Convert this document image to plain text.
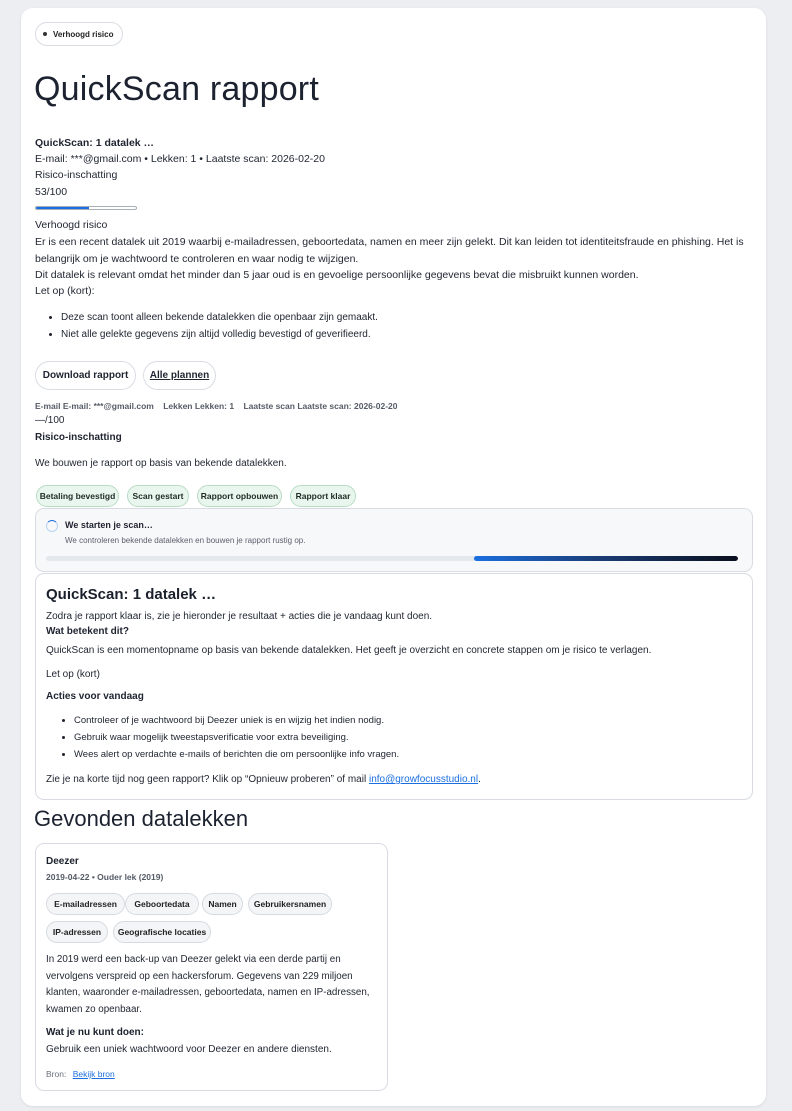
Verhoogd risico
QuickScan rapport
QuickScan: 1 datalek …
E-mail: ***@gmail.com • Lekken: 1 • Laatste scan: 2026-02-20
Risico-inschatting
53/100
Verhoogd risico
Er is een recent datalek uit 2019 waarbij e-mailadressen, geboortedata, namen en meer zijn gelekt. Dit kan leiden tot identiteitsfraude en phishing. Het is belangrijk om je wachtwoord te controleren en waar nodig te wijzigen.
Dit datalek is relevant omdat het minder dan 5 jaar oud is en gevoelige persoonlijke gegevens bevat die misbruikt kunnen worden.
Let op (kort):
• Deze scan toont alleen bekende datalekken die openbaar zijn gemaakt.
• Niet alle gelekte gegevens zijn altijd volledig bevestigd of geverifieerd.
Download rapport	Alle plannen
E-mail E-mail: ***@gmail.com Lekken Lekken: 1 Laatste scan Laatste scan: 2026-02-20
—/100
Risico-inschatting
We bouwen je rapport op basis van bekende datalekken.
Betaling bevestigd	Scan gestart	Rapport opbouwen	Rapport klaar
We starten je scan…
We controleren bekende datalekken en bouwen je rapport rustig op.
QuickScan: 1 datalek …
Zodra je rapport klaar is, zie je hieronder je resultaat + acties die je vandaag kunt doen.
Wat betekent dit?
QuickScan is een momentopname op basis van bekende datalekken. Het geeft je overzicht en concrete stappen om je risico te verlagen.
Let op (kort)
Acties voor vandaag
• Controleer of je wachtwoord bij Deezer uniek is en wijzig het indien nodig.
• Gebruik waar mogelijk tweestapsverificatie voor extra beveiliging.
• Wees alert op verdachte e-mails of berichten die om persoonlijke info vragen.
Zie je na korte tijd nog geen rapport? Klik op “Opnieuw proberen” of mail info@growfocusstudio.nl.
Gevonden datalekken
Deezer
2019-04-22 • Ouder lek (2019)
E-mailadressen	Geboortedata	Namen	Gebruikersnamen
IP-adressen	Geografische locaties
In 2019 werd een back-up van Deezer gelekt via een derde partij en vervolgens verspreid op een hackersforum. Gegevens van 229 miljoen klanten, waaronder e-mailadressen, geboortedata, namen en IP-adressen, kwamen zo openbaar.
Wat je nu kunt doen:
Gebruik een uniek wachtwoord voor Deezer en andere diensten.
Bron: Bekijk bron
